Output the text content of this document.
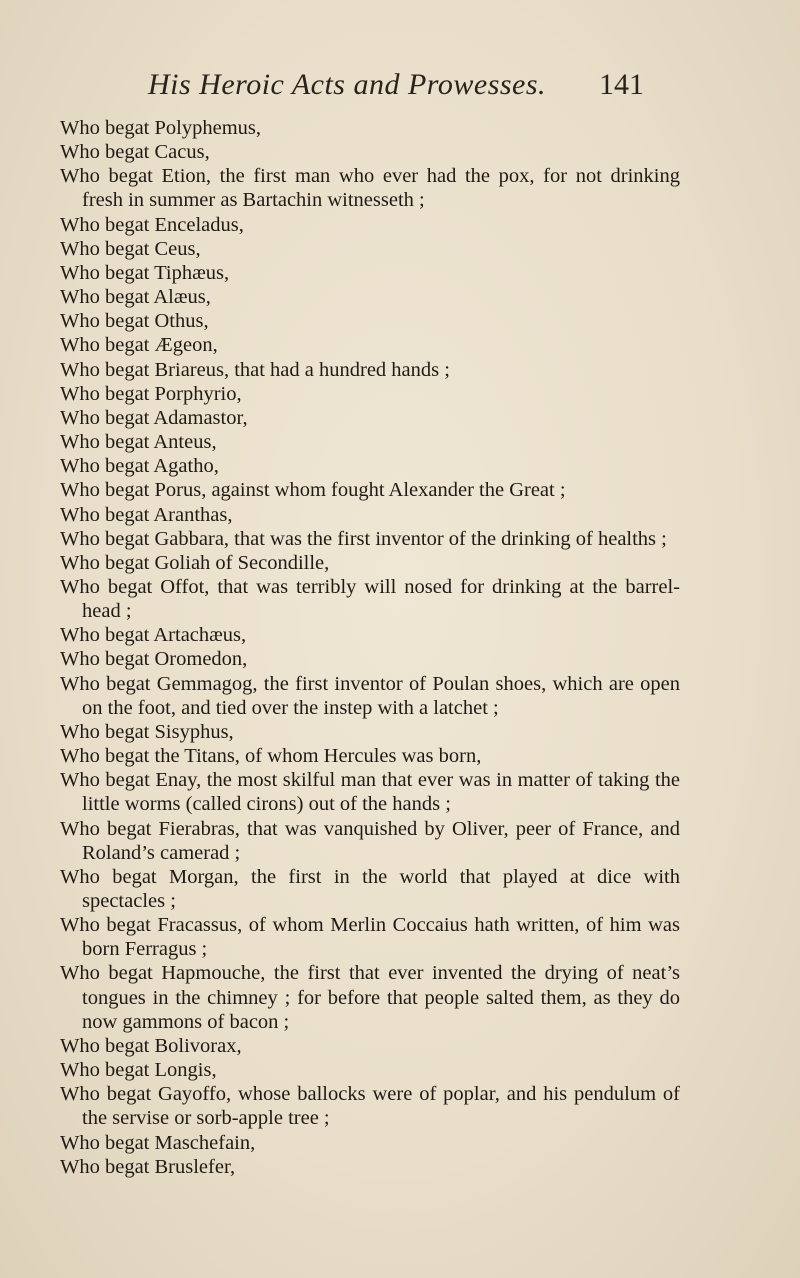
His Heroic Acts and Prowesses. 141

Who begat Polyphemus,

Who begat Cacus,

Who begat Etion, the first man who ever had the pox, for not drinking fresh in summer as Bartachin witnesseth ;

Who begat Enceladus,

Who begat Ceus,

Who begat Tiphæus,

Who begat Alæus,

Who begat Othus,

Who begat Ægeon,

Who begat Briareus, that had a hundred hands ;

Who begat Porphyrio,

Who begat Adamastor,

Who begat Anteus,

Who begat Agatho,

Who begat Porus, against whom fought Alexander the Great ;

Who begat Aranthas,

Who begat Gabbara, that was the first inventor of the drinking of healths ;

Who begat Goliah of Secondille,

Who begat Offot, that was terribly will nosed for drinking at the barrel-head ;

Who begat Artachæus,

Who begat Oromedon,

Who begat Gemmagog, the first inventor of Poulan shoes, which are open on the foot, and tied over the instep with a latchet ;

Who begat Sisyphus,

Who begat the Titans, of whom Hercules was born,

Who begat Enay, the most skilful man that ever was in matter of taking the little worms (called cirons) out of the hands ;

Who begat Fierabras, that was vanquished by Oliver, peer of France, and Roland’s camerad ;

Who begat Morgan, the first in the world that played at dice with spectacles ;

Who begat Fracassus, of whom Merlin Coccaius hath written, of him was born Ferragus ;

Who begat Hapmouche, the first that ever invented the drying of neat’s tongues in the chimney ; for before that people salted them, as they do now gammons of bacon ;

Who begat Bolivorax,

Who begat Longis,

Who begat Gayoffo, whose ballocks were of poplar, and his pendulum of the servise or sorb-apple tree ;

Who begat Maschefain,

Who begat Bruslefer,
